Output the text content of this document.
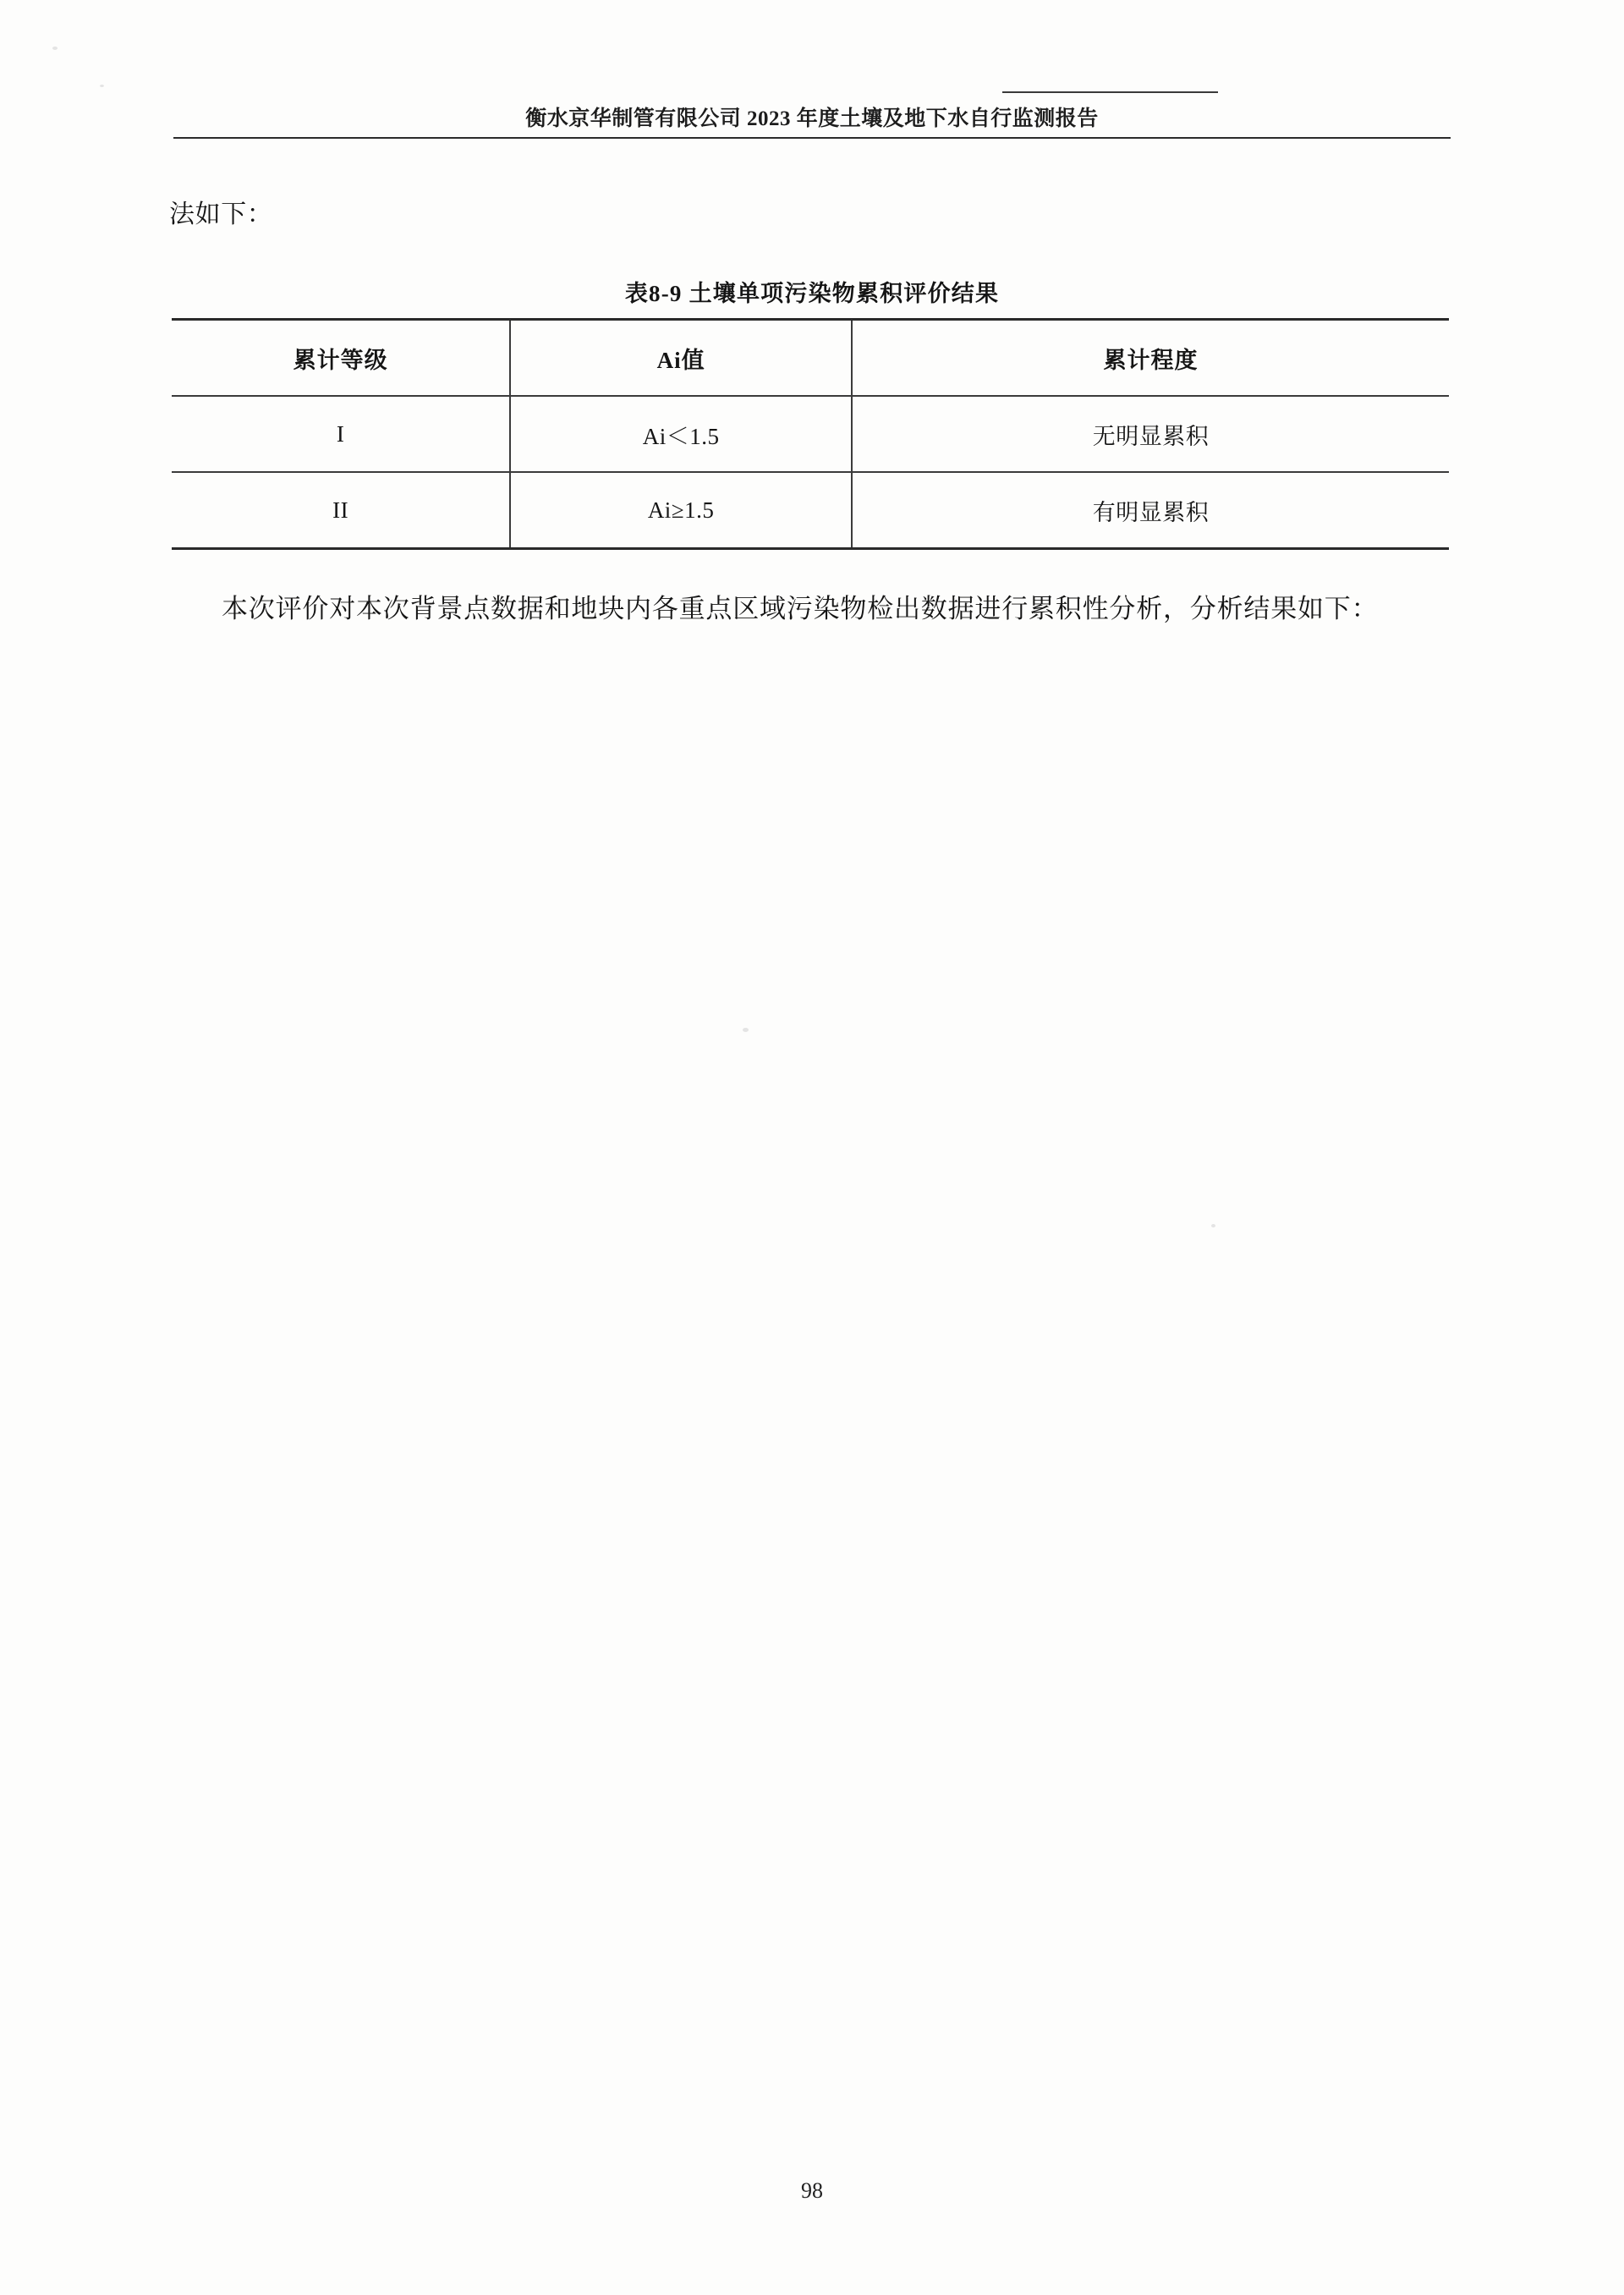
衡水京华制管有限公司 2023 年度土壤及地下水自行监测报告
法如下：
表8-9 土壤单项污染物累积评价结果
累计等级	Ai值	累计程度
I	Ai＜1.5	无明显累积
II	Ai≥1.5	有明显累积
本次评价对本次背景点数据和地块内各重点区域污染物检出数据进行累积性分析，分析结果如下：
98
